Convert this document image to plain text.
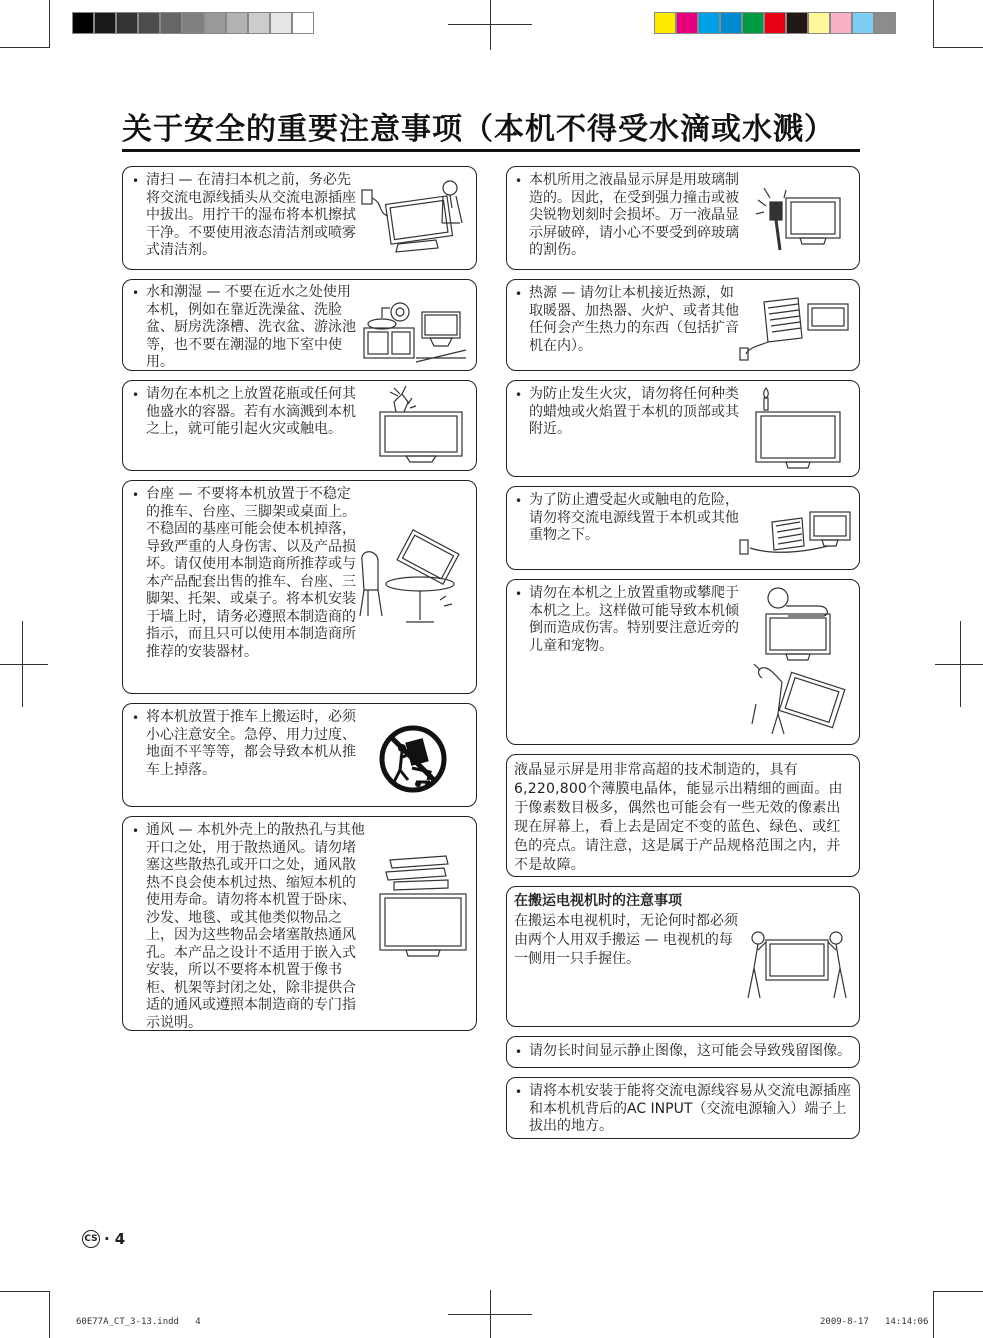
关于安全的重要注意事项（本机不得受水滴或水溅）
• 清扫 — 在清扫本机之前，务必先将交流电源线插头从交流电源插座中拔出。用拧干的湿布将本机擦拭干净。不要使用液态清洁剂或喷雾式清洁剂。
• 水和潮湿 — 不要在近水之处使用本机，例如在靠近洗澡盆、洗脸盆、厨房洗涤槽、洗衣盆、游泳池等，也不要在潮湿的地下室中使用。
• 请勿在本机之上放置花瓶或任何其他盛水的容器。若有水滴溅到本机之上，就可能引起火灾或触电。
• 台座 — 不要将本机放置于不稳定的推车、台座、三脚架或桌面上。不稳固的基座可能会使本机掉落，导致严重的人身伤害、以及产品损坏。请仅使用本制造商所推荐或与本产品配套出售的推车、台座、三脚架、托架、或桌子。将本机安装于墙上时，请务必遵照本制造商的指示，而且只可以使用本制造商所推荐的安装器材。
• 将本机放置于推车上搬运时，必须小心注意安全。急停、用力过度、地面不平等等，都会导致本机从推车上掉落。
• 通风 — 本机外壳上的散热孔与其他开口之处，用于散热通风。请勿堵塞这些散热孔或开口之处，通风散热不良会使本机过热、缩短本机的使用寿命。请勿将本机置于卧床、沙发、地毯、或其他类似物品之上，因为这些物品会堵塞散热通风孔。本产品之设计不适用于嵌入式安装，所以不要将本机置于像书柜、机架等封闭之处，除非提供合适的通风或遵照本制造商的专门指示说明。
• 本机所用之液晶显示屏是用玻璃制造的。因此，在受到强力撞击或被尖锐物划刻时会损坏。万一液晶显示屏破碎，请小心不要受到碎玻璃的割伤。
• 热源 — 请勿让本机接近热源，如取暖器、加热器、火炉、或者其他任何会产生热力的东西（包括扩音机在内）。
• 为防止发生火灾，请勿将任何种类的蜡烛或火焰置于本机的顶部或其附近。
• 为了防止遭受起火或触电的危险，请勿将交流电源线置于本机或其他重物之下。
• 请勿在本机之上放置重物或攀爬于本机之上。这样做可能导致本机倾倒而造成伤害。特别要注意近旁的儿童和宠物。
液晶显示屏是用非常高超的技术制造的，具有6,220,800个薄膜电晶体，能显示出精细的画面。由于像素数目极多，偶然也可能会有一些无效的像素出现在屏幕上，看上去是固定不变的蓝色、绿色、或红色的亮点。请注意，这是属于产品规格范围之内，并不是故障。
在搬运电视机时的注意事项
在搬运本电视机时，无论何时都必须由两个人用双手搬运 — 电视机的每一侧用一只手握住。
• 请勿长时间显示静止图像，这可能会导致残留图像。
• 请将本机安装于能将交流电源线容易从交流电源插座和本机机背后的AC INPUT（交流电源输入）端子上拔出的地方。
CS · 4
60E77A_CT_3-13.indd   4	2009-8-17   14:14:06
